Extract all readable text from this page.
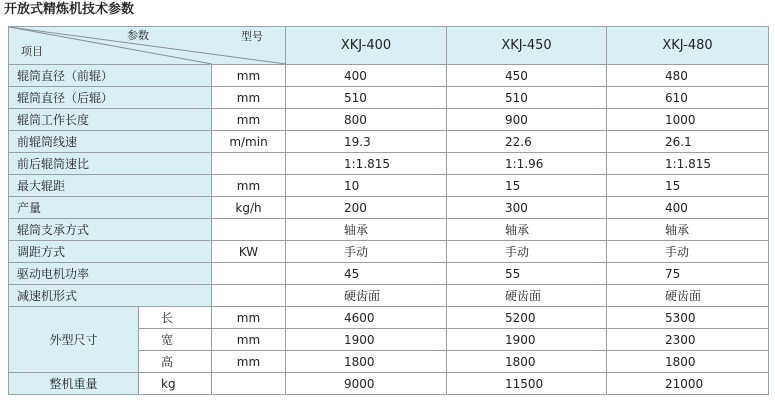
开放式精炼机技术参数
项目
参数 型号			XKJ-400	XKJ-450	XKJ-480
辊筒直径（前辊）		mm	400	450	480
辊筒直径（后辊）		mm	510	510	610
辊筒工作长度		mm	800	900	1000
前辊筒线速		m/min	19.3	22.6	26.1
前后辊筒速比			1:1.815	1:1.96	1:1.815
最大辊距		mm	10	15	15
产量		kg/h	200	300	400
辊筒支承方式			轴承	轴承	轴承
调距方式		KW	手动	手动	手动
驱动电机功率			45	55	75
减速机形式			硬齿面	硬齿面	硬齿面
外型尺寸	长	mm	4600	5200	5300
	宽	mm	1900	1900	2300
	高	mm	1800	1800	1800
整机重量	kg		9000	11500	21000
